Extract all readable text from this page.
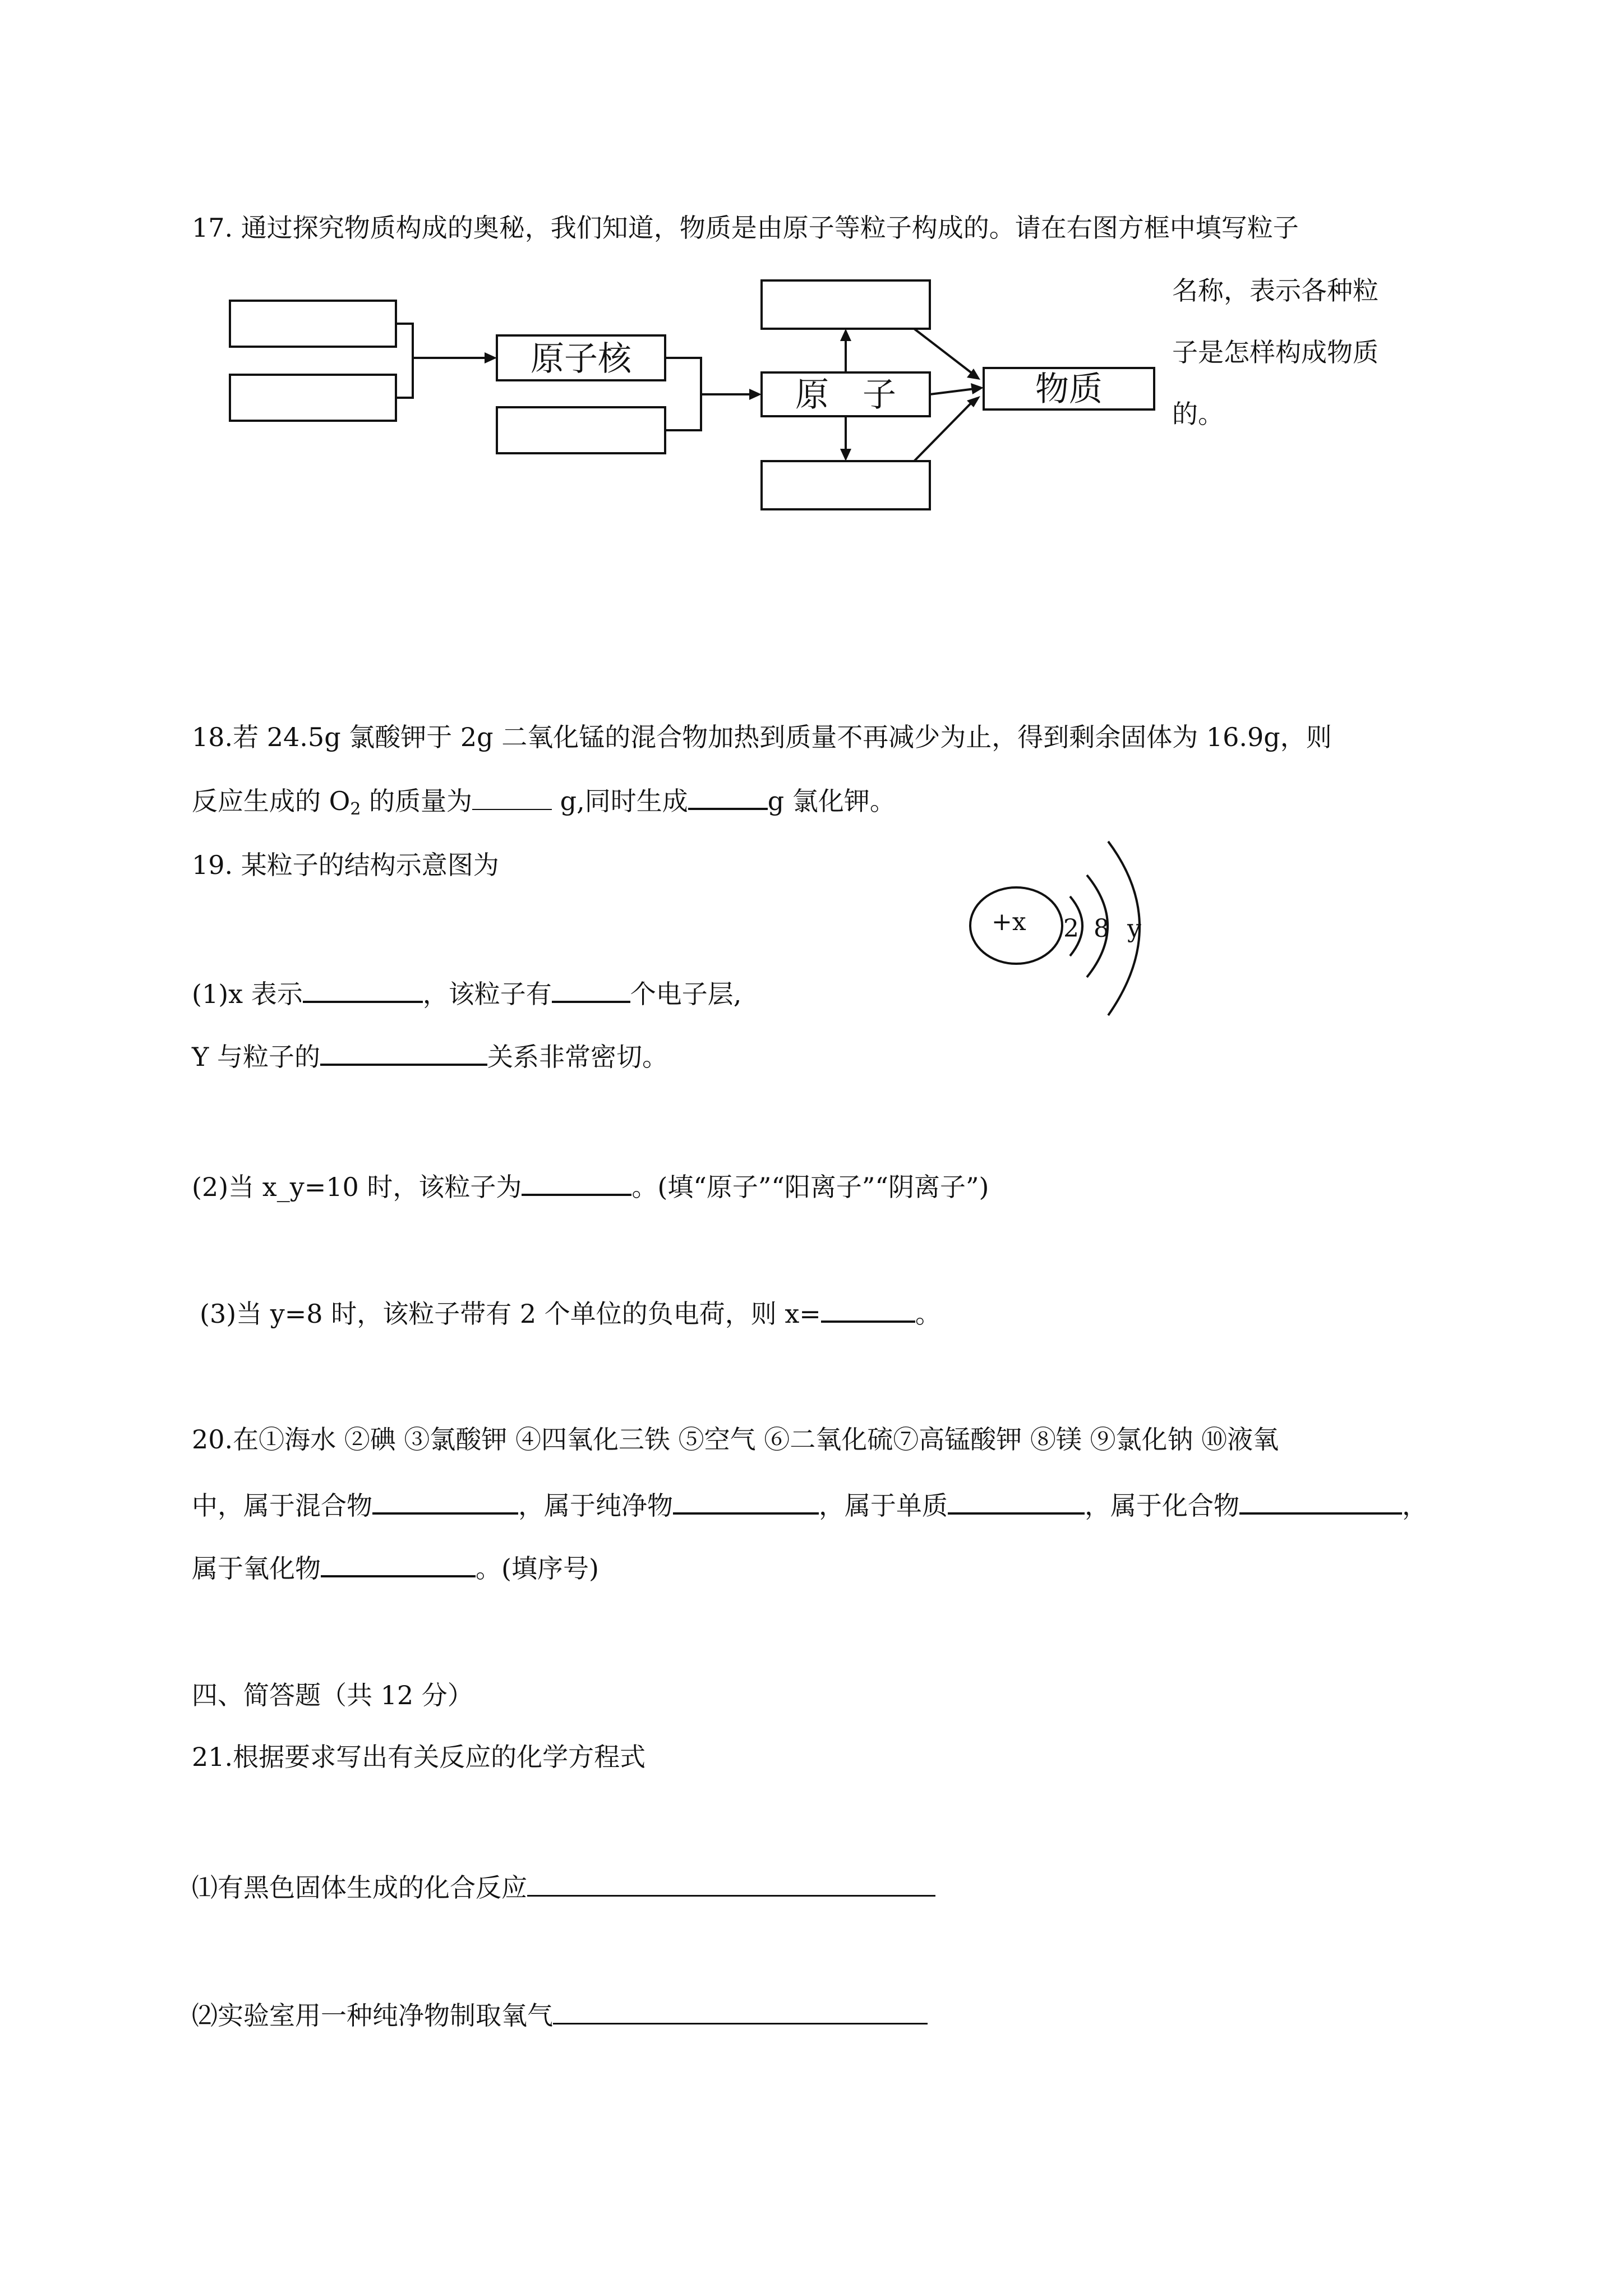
17. 通过探究物质构成的奥秘，我们知道，物质是由原子等粒子构成的。请在右图方框中填写粒子
原子核
原　子	物质
名称，表示各种粒
子是怎样构成物质
的。
18.若 24.5g 氯酸钾于 2g 二氧化锰的混合物加热到质量不再减少为止，得到剩余固体为 16.9g，则
反应生成的 $O_2$ 的质量为	g,同时生成	g 氯化钾。
19. 某粒子的结构示意图为
+x 2 8 y
(1)x 表示	，该粒子有	个电子层,
Y 与粒子的	关系非常密切。
(2)当 x_y=10 时，该粒子为	。(填“原子”“阳离子”“阴离子”)
(3)当 y=8 时，该粒子带有 2 个单位的负电荷，则 x=	。
20.在①海水 ②碘 ③氯酸钾 ④四氧化三铁 ⑤空气 ⑥二氧化硫⑦高锰酸钾 ⑧镁 ⑨氯化钠 ⑩液氧
中，属于混合物	，属于纯净物	，属于单质	，属于化合物	，
属于氧化物	。(填序号)
四、简答题（共 12 分）
21.根据要求写出有关反应的化学方程式
⑴有黑色固体生成的化合反应
⑵实验室用一种纯净物制取氧气
